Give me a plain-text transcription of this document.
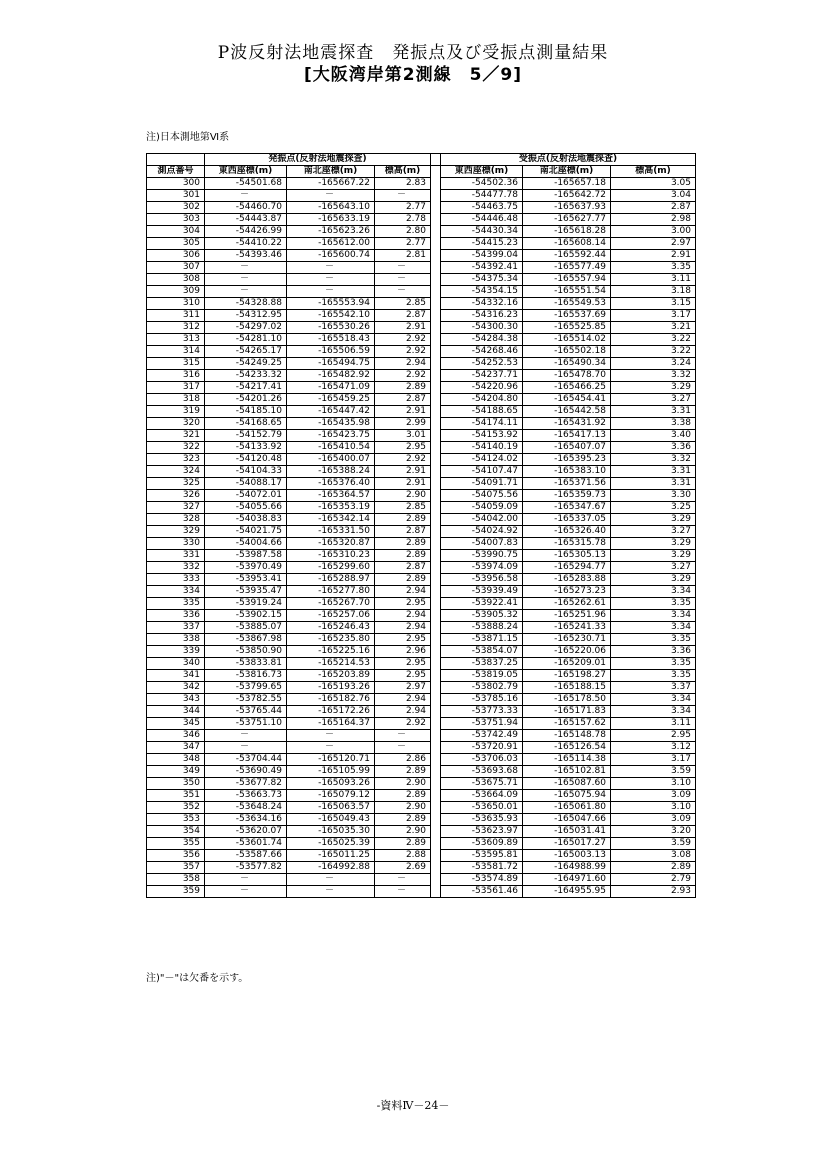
P波反射法地震探査　発振点及び受振点測量結果
[大阪湾岸第2測線　5／9]
注)日本測地第Ⅵ系
	発振点(反射法地震探査)				受振点(反射法地震探査)		
測点番号	東西座標(m)	南北座標(m)	標高(m)		東西座標(m)	南北座標(m)	標高(m)
300	-54501.68	-165667.22	2.83		-54502.36	-165657.18	3.05
301	－	－	－		-54477.78	-165642.72	3.04
302	-54460.70	-165643.10	2.77		-54463.75	-165637.93	2.87
303	-54443.87	-165633.19	2.78		-54446.48	-165627.77	2.98
304	-54426.99	-165623.26	2.80		-54430.34	-165618.28	3.00
305	-54410.22	-165612.00	2.77		-54415.23	-165608.14	2.97
306	-54393.46	-165600.74	2.81		-54399.04	-165592.44	2.91
307	－	－	－		-54392.41	-165577.49	3.35
308	－	－	－		-54375.34	-165557.94	3.11
309	－	－	－		-54354.15	-165551.54	3.18
310	-54328.88	-165553.94	2.85		-54332.16	-165549.53	3.15
311	-54312.95	-165542.10	2.87		-54316.23	-165537.69	3.17
312	-54297.02	-165530.26	2.91		-54300.30	-165525.85	3.21
313	-54281.10	-165518.43	2.92		-54284.38	-165514.02	3.22
314	-54265.17	-165506.59	2.92		-54268.46	-165502.18	3.22
315	-54249.25	-165494.75	2.94		-54252.53	-165490.34	3.24
316	-54233.32	-165482.92	2.92		-54237.71	-165478.70	3.32
317	-54217.41	-165471.09	2.89		-54220.96	-165466.25	3.29
318	-54201.26	-165459.25	2.87		-54204.80	-165454.41	3.27
319	-54185.10	-165447.42	2.91		-54188.65	-165442.58	3.31
320	-54168.65	-165435.98	2.99		-54174.11	-165431.92	3.38
321	-54152.79	-165423.75	3.01		-54153.92	-165417.13	3.40
322	-54133.92	-165410.54	2.95		-54140.19	-165407.07	3.36
323	-54120.48	-165400.07	2.92		-54124.02	-165395.23	3.32
324	-54104.33	-165388.24	2.91		-54107.47	-165383.10	3.31
325	-54088.17	-165376.40	2.91		-54091.71	-165371.56	3.31
326	-54072.01	-165364.57	2.90		-54075.56	-165359.73	3.30
327	-54055.66	-165353.19	2.85		-54059.09	-165347.67	3.25
328	-54038.83	-165342.14	2.89		-54042.00	-165337.05	3.29
329	-54021.75	-165331.50	2.87		-54024.92	-165326.40	3.27
330	-54004.66	-165320.87	2.89		-54007.83	-165315.78	3.29
331	-53987.58	-165310.23	2.89		-53990.75	-165305.13	3.29
332	-53970.49	-165299.60	2.87		-53974.09	-165294.77	3.27
333	-53953.41	-165288.97	2.89		-53956.58	-165283.88	3.29
334	-53935.47	-165277.80	2.94		-53939.49	-165273.23	3.34
335	-53919.24	-165267.70	2.95		-53922.41	-165262.61	3.35
336	-53902.15	-165257.06	2.94		-53905.32	-165251.96	3.34
337	-53885.07	-165246.43	2.94		-53888.24	-165241.33	3.34
338	-53867.98	-165235.80	2.95		-53871.15	-165230.71	3.35
339	-53850.90	-165225.16	2.96		-53854.07	-165220.06	3.36
340	-53833.81	-165214.53	2.95		-53837.25	-165209.01	3.35
341	-53816.73	-165203.89	2.95		-53819.05	-165198.27	3.35
342	-53799.65	-165193.26	2.97		-53802.79	-165188.15	3.37
343	-53782.55	-165182.76	2.94		-53785.16	-165178.50	3.34
344	-53765.44	-165172.26	2.94		-53773.33	-165171.83	3.34
345	-53751.10	-165164.37	2.92		-53751.94	-165157.62	3.11
346	－	－	－		-53742.49	-165148.78	2.95
347	－	－	－		-53720.91	-165126.54	3.12
348	-53704.44	-165120.71	2.86		-53706.03	-165114.38	3.17
349	-53690.49	-165105.99	2.89		-53693.68	-165102.81	3.59
350	-53677.82	-165093.26	2.90		-53675.71	-165087.60	3.10
351	-53663.73	-165079.12	2.89		-53664.09	-165075.94	3.09
352	-53648.24	-165063.57	2.90		-53650.01	-165061.80	3.10
353	-53634.16	-165049.43	2.89		-53635.93	-165047.66	3.09
354	-53620.07	-165035.30	2.90		-53623.97	-165031.41	3.20
355	-53601.74	-165025.39	2.89		-53609.89	-165017.27	3.59
356	-53587.66	-165011.25	2.88		-53595.81	-165003.13	3.08
357	-53577.82	-164992.88	2.69		-53581.72	-164988.99	2.89
358	－	－	－		-53574.89	-164971.60	2.79
359	－	－	－		-53561.46	-164955.95	2.93
注)"－"は欠番を示す。
-資料Ⅳ－24－
